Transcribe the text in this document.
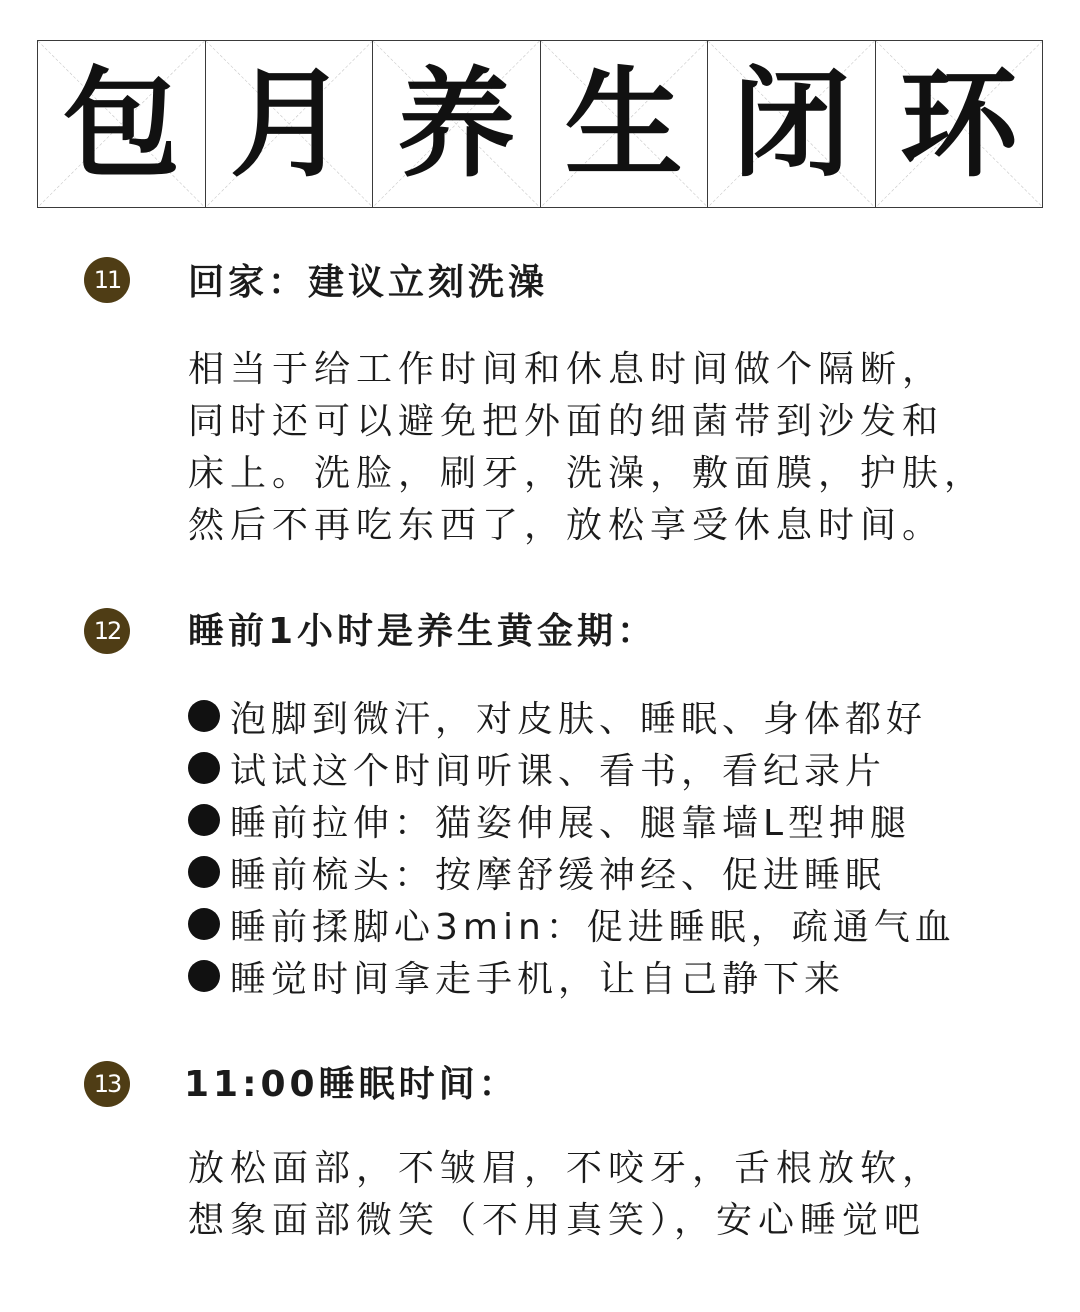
包 月 养 生 闭 环
11 回家：建议立刻洗澡
相当于给工作时间和休息时间做个隔断，
同时还可以避免把外面的细菌带到沙发和
床上。洗脸，刷牙，洗澡，敷面膜，护肤，
然后不再吃东西了，放松享受休息时间。
12 睡前1小时是养生黄金期：
泡脚到微汗，对皮肤、睡眠、身体都好
试试这个时间听课、看书，看纪录片
睡前拉伸：猫姿伸展、腿靠墙L型抻腿
睡前梳头：按摩舒缓神经、促进睡眠
睡前揉脚心3min：促进睡眠，疏通气血
睡觉时间拿走手机，让自己静下来
13 11:00睡眠时间：
放松面部，不皱眉，不咬牙，舌根放软，
想象面部微笑（不用真笑），安心睡觉吧
